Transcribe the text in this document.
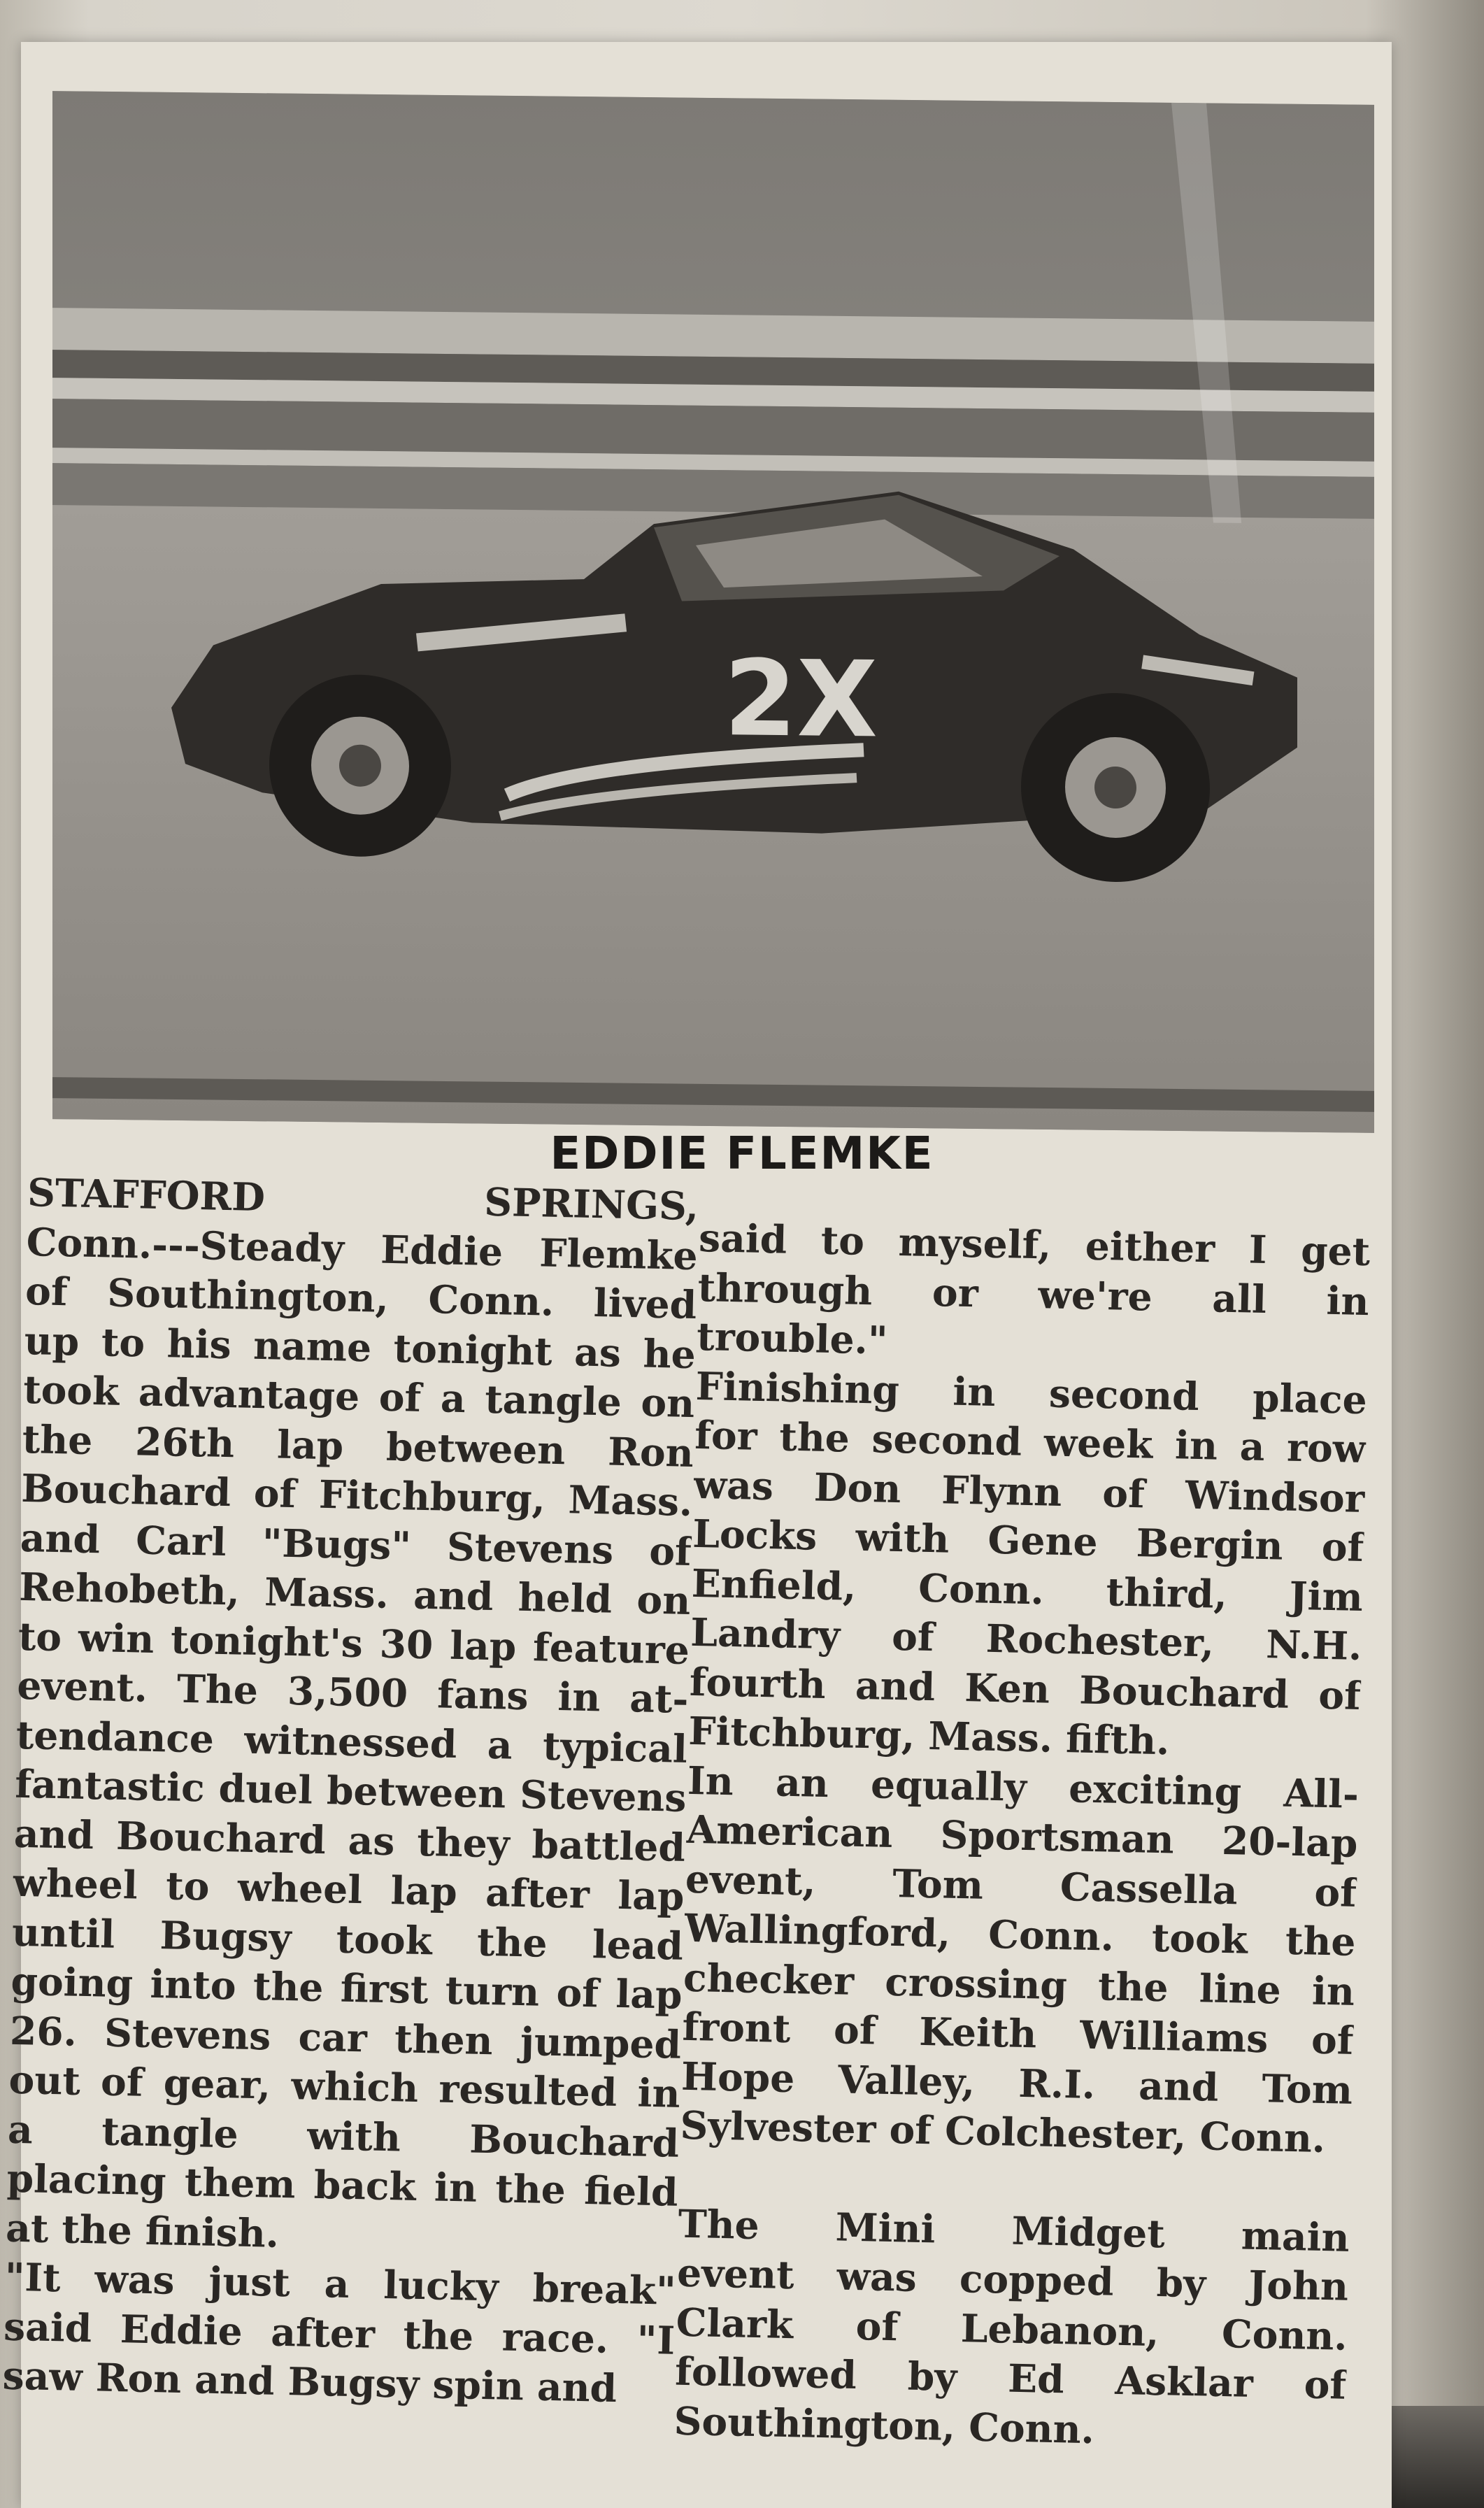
2X
EDDIE FLEMKE
STAFFORD SPRINGS,
Conn.---Steady Eddie Flemke
of Southington, Conn. lived
up to his name tonight as he
took advantage of a tangle on
the 26th lap between Ron
Bouchard of Fitchburg, Mass.
and Carl "Bugs" Stevens of
Rehobeth, Mass. and held on
to win tonight's 30 lap feature
event. The 3,500 fans in at-
tendance witnessed a typical
fantastic duel between Stevens
and Bouchard as they battled
wheel to wheel lap after lap
until Bugsy took the lead
going into the first turn of lap
26. Stevens car then jumped
out of gear, which resulted in
a tangle with Bouchard
placing them back in the field
at the finish.
"It was just a lucky break"
said Eddie after the race. "I
saw Ron and Bugsy spin and
said to myself, either I get
through or we're all in
trouble."
Finishing in second place
for the second week in a row
was Don Flynn of Windsor
Locks with Gene Bergin of
Enfield, Conn. third, Jim
Landry of Rochester, N.H.
fourth and Ken Bouchard of
Fitchburg, Mass. fifth.
In an equally exciting All-
American Sportsman 20-lap
event, Tom Cassella of
Wallingford, Conn. took the
checker crossing the line in
front of Keith Williams of
Hope Valley, R.I. and Tom
Sylvester of Colchester, Conn.
The Mini Midget main
event was copped by John
Clark of Lebanon, Conn.
followed by Ed Asklar of
Southington, Conn.
